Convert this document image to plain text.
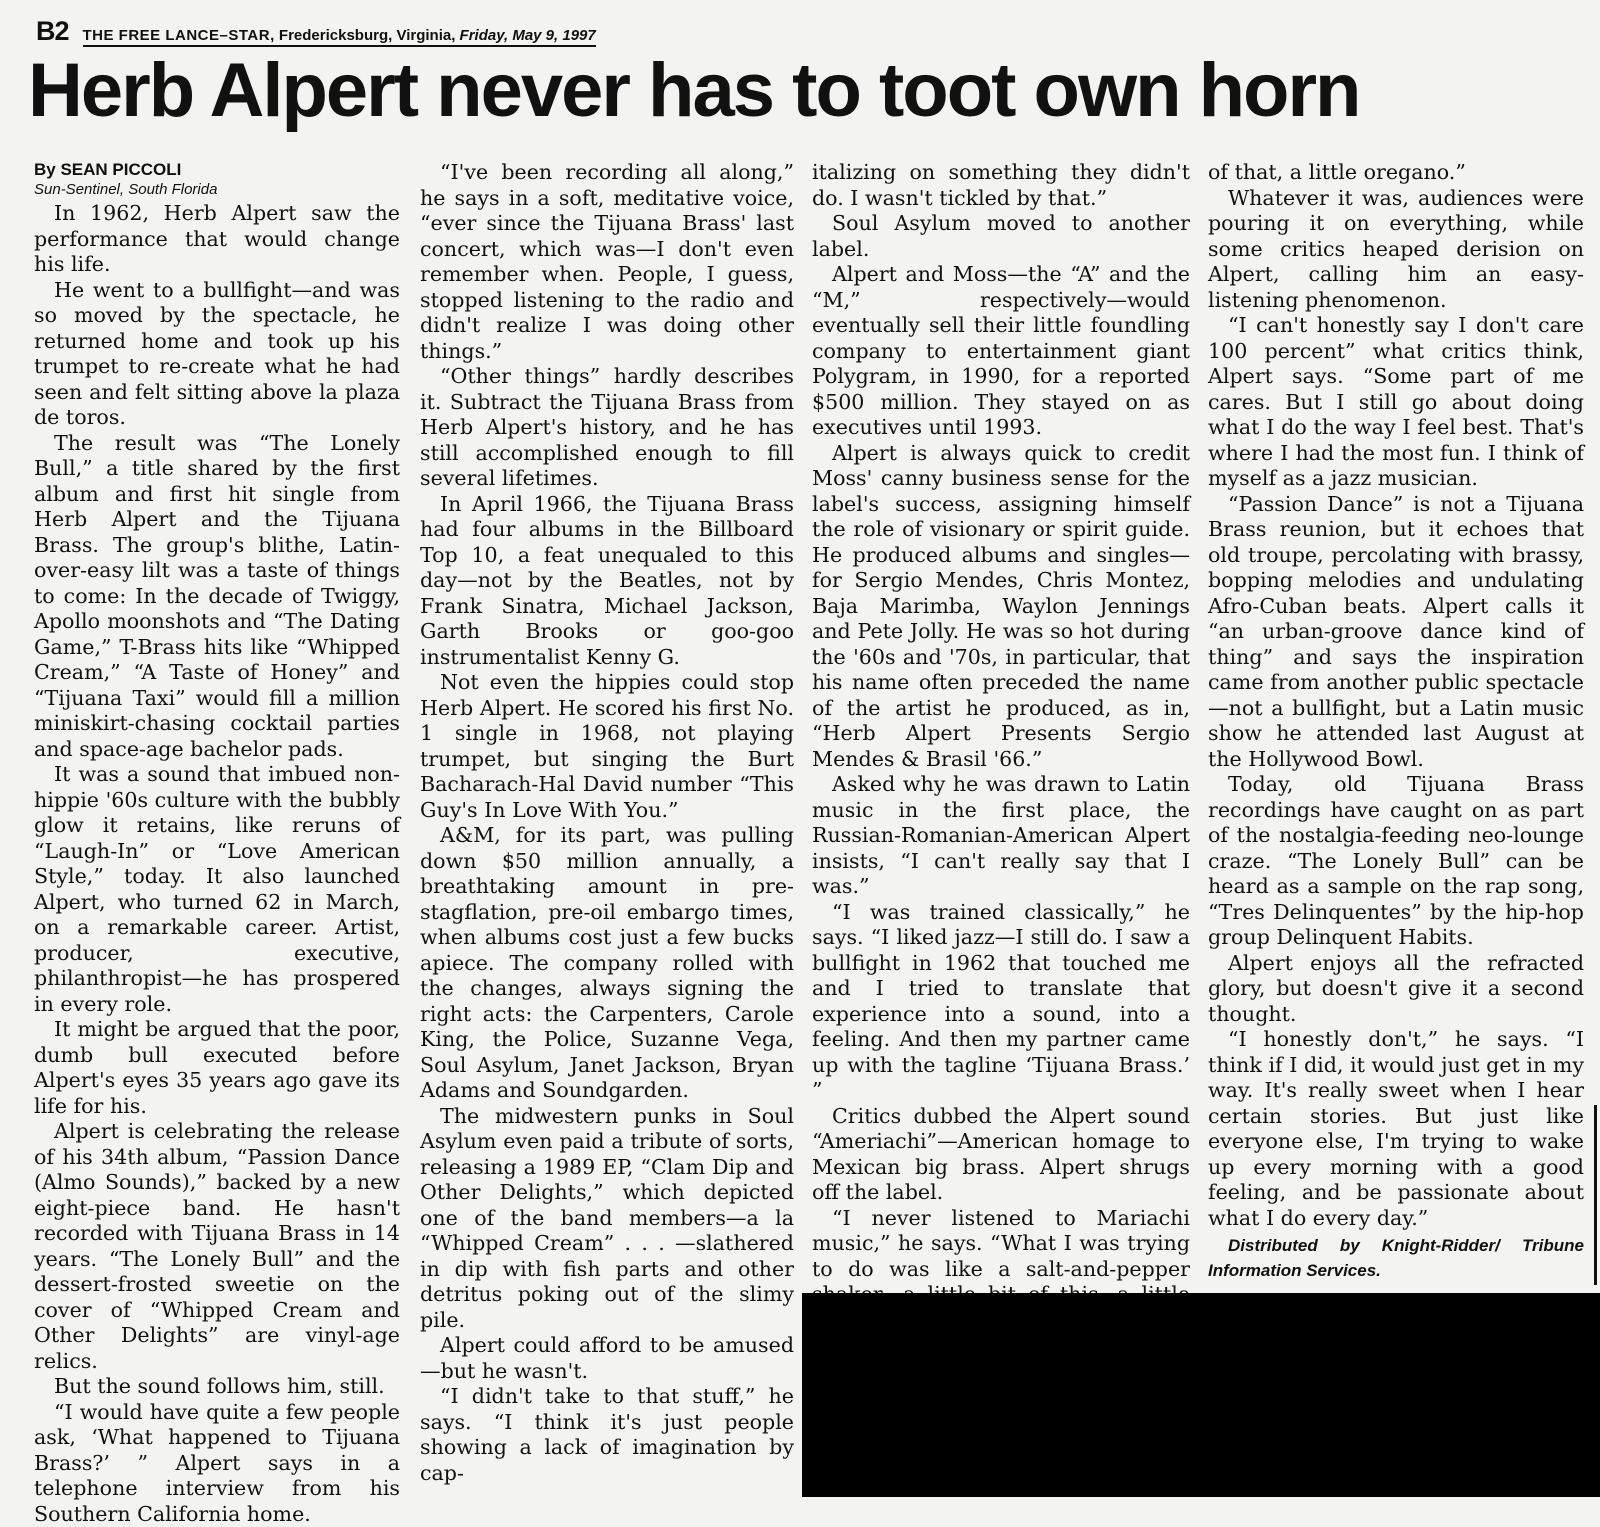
B2 THE FREE LANCE–STAR, Fredericksburg, Virginia, Friday, May 9, 1997
Herb Alpert never has to toot own horn

By SEAN PICCOLI

Sun-Sentinel, South Florida

In 1962, Herb Alpert saw the performance that would change his life.

He went to a bullfight—and was so moved by the spectacle, he returned home and took up his trumpet to re-create what he had seen and felt sitting above la plaza de toros.

The result was “The Lonely Bull,” a title shared by the first album and first hit single from Herb Alpert and the Tijuana Brass. The group's blithe, Latin-over-easy lilt was a taste of things to come: In the decade of Twiggy, Apollo moonshots and “The Dating Game,” T-Brass hits like “Whipped Cream,” “A Taste of Honey” and “Tijuana Taxi” would fill a million miniskirt-chasing cocktail parties and space-age bachelor pads.

It was a sound that imbued non-hippie '60s culture with the bubbly glow it retains, like reruns of “Laugh-In” or “Love American Style,” today. It also launched Alpert, who turned 62 in March, on a remarkable career. Artist, producer, executive, philanthropist—he has prospered in every role.

It might be argued that the poor, dumb bull executed before Alpert's eyes 35 years ago gave its life for his.

Alpert is celebrating the release of his 34th album, “Passion Dance (Almo Sounds),” backed by a new eight-piece band. He hasn't recorded with Tijuana Brass in 14 years. “The Lonely Bull” and the dessert-frosted sweetie on the cover of “Whipped Cream and Other Delights” are vinyl-age relics.

But the sound follows him, still.

“I would have quite a few people ask, ‘What happened to Tijuana Brass?’ ” Alpert says in a telephone interview from his Southern California home.

“I've been recording all along,” he says in a soft, meditative voice, “ever since the Tijuana Brass' last concert, which was—I don't even remember when. People, I guess, stopped listening to the radio and didn't realize I was doing other things.”

“Other things” hardly describes it. Subtract the Tijuana Brass from Herb Alpert's history, and he has still accomplished enough to fill several lifetimes.

In April 1966, the Tijuana Brass had four albums in the Billboard Top 10, a feat unequaled to this day—not by the Beatles, not by Frank Sinatra, Michael Jackson, Garth Brooks or goo-goo instrumentalist Kenny G.

Not even the hippies could stop Herb Alpert. He scored his first No. 1 single in 1968, not playing trumpet, but singing the Burt Bacharach-Hal David number “This Guy's In Love With You.”

A&M, for its part, was pulling down $50 million annually, a breathtaking amount in pre-stagflation, pre-oil embargo times, when albums cost just a few bucks apiece. The company rolled with the changes, always signing the right acts: the Carpenters, Carole King, the Police, Suzanne Vega, Soul Asylum, Janet Jackson, Bryan Adams and Soundgarden.

The midwestern punks in Soul Asylum even paid a tribute of sorts, releasing a 1989 EP, “Clam Dip and Other Delights,” which depicted one of the band members—a la “Whipped Cream” . . . —slathered in dip with fish parts and other detritus poking out of the slimy pile.

Alpert could afford to be amused—but he wasn't.

“I didn't take to that stuff,” he says. “I think it's just people showing a lack of imagination by cap-

italizing on something they didn't do. I wasn't tickled by that.”

Soul Asylum moved to another label.

Alpert and Moss—the “A” and the “M,” respectively—would eventually sell their little foundling company to entertainment giant Polygram, in 1990, for a reported $500 million. They stayed on as executives until 1993.

Alpert is always quick to credit Moss' canny business sense for the label's success, assigning himself the role of visionary or spirit guide. He produced albums and singles—for Sergio Mendes, Chris Montez, Baja Marimba, Waylon Jennings and Pete Jolly. He was so hot during the '60s and '70s, in particular, that his name often preceded the name of the artist he produced, as in, “Herb Alpert Presents Sergio Mendes & Brasil '66.”

Asked why he was drawn to Latin music in the first place, the Russian-Romanian-American Alpert insists, “I can't really say that I was.”

“I was trained classically,” he says. “I liked jazz—I still do. I saw a bullfight in 1962 that touched me and I tried to translate that experience into a sound, into a feeling. And then my partner came up with the tagline ‘Tijuana Brass.’ ”

Critics dubbed the Alpert sound “Ameriachi”—American homage to Mexican big brass. Alpert shrugs off the label.

“I never listened to Mariachi music,” he says. “What I was trying to do was like a salt-and-pepper

of that, a little oregano.”

Whatever it was, audiences were pouring it on everything, while some critics heaped derision on Alpert, calling him an easy-listening phenomenon.

“I can't honestly say I don't care 100 percent” what critics think, Alpert says. “Some part of me cares. But I still go about doing what I do the way I feel best. That's where I had the most fun. I think of myself as a jazz musician.

“Passion Dance” is not a Tijuana Brass reunion, but it echoes that old troupe, percolating with brassy, bopping melodies and undulating Afro-Cuban beats. Alpert calls it “an urban-groove dance kind of thing” and says the inspiration came from another public spectacle—not a bullfight, but a Latin music show he attended last August at the Hollywood Bowl.

Today, old Tijuana Brass recordings have caught on as part of the nostalgia-feeding neo-lounge craze. “The Lonely Bull” can be heard as a sample on the rap song, “Tres Delinquentes” by the hip-hop group Delinquent Habits.

Alpert enjoys all the refracted glory, but doesn't give it a second thought.

“I honestly don't,” he says. “I think if I did, it would just get in my way. It's really sweet when I hear certain stories. But just like everyone else, I'm trying to wake up every morning with a good feeling, and be passionate about what I do every day.”

Distributed by Knight-Ridder/ Tribune Information Services.
